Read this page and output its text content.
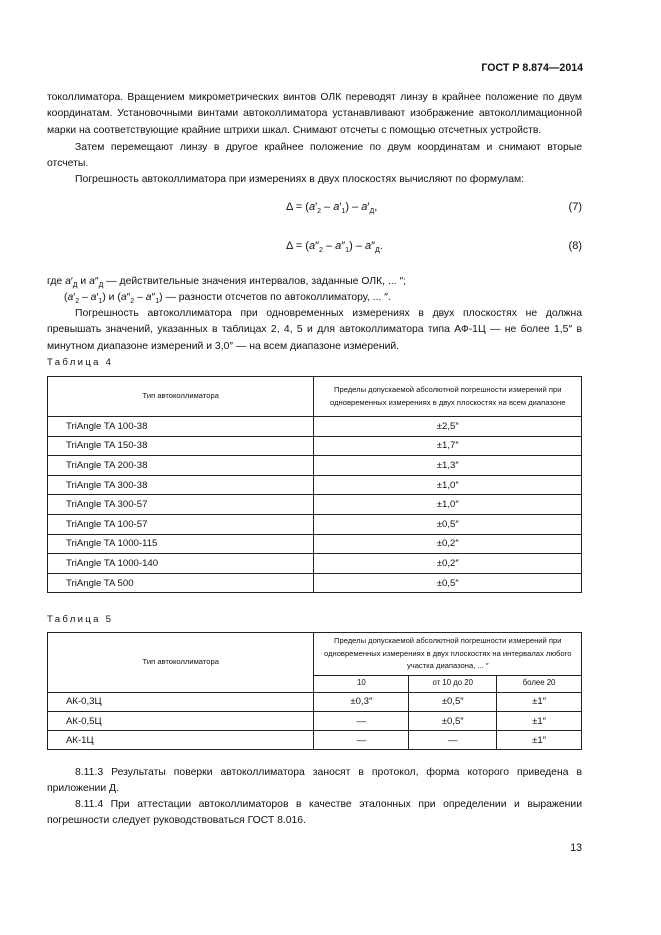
ГОСТ Р 8.874—2014
токоллиматора. Вращением микрометрических винтов ОЛК переводят линзу в крайнее положение по двум координатам. Установочными винтами автоколлиматора устанавливают изображение автоколлимационной марки на соответствующие крайние штрихи шкал. Снимают отсчеты с помощью отсчетных устройств.
Затем перемещают линзу в другое крайнее положение по двум координатам и снимают вторые отсчеты.
Погрешность автоколлиматора при измерениях в двух плоскостях вычисляют по формулам:
$\Delta = (a'_2 - a'_1) - a'_Д$,	(7)
$\Delta = (a''_2 - a''_1) - a''_Д$.	(8)
где $a'_Д$ и $a''_Д$ — действительные значения интервалов, заданные ОЛК, ... ″;
$(a'_2 - a'_1)$ и $(a''_2 - a''_1)$ — разности отсчетов по автоколлиматору, ... ″.
Погрешность автоколлиматора при одновременных измерениях в двух плоскостях не должна превышать значений, указанных в таблицах 2, 4, 5 и для автоколлиматора типа АФ-1Ц — не более 1,5″ в минутном диапазоне измерений и 3,0″ — на всем диапазоне измерений.
Таблица 4
Тип автоколлиматора	Пределы допускаемой абсолютной погрешности измерений при одновременных измерениях в двух плоскостях на всем диапазоне
TriAngle TA 100-38	±2,5″
TriAngle TA 150-38	±1,7″
TriAngle TA 200-38	±1,3″
TriAngle TA 300-38	±1,0″
TriAngle TA 300-57	±1,0″
TriAngle TA 100-57	±0,5″
TriAngle TA 1000-115	±0,2″
TriAngle TA 1000-140	±0,2″
TriAngle TA 500	±0,5″
Таблица 5
Тип автоколлиматора	Пределы допускаемой абсолютной погрешности измерений при одновременных измерениях в двух плоскостях на интервалах любого участка диапазона, ... ″		
	10	от 10 до 20	более 20
АК-0,3Ц	±0,3″	±0,5″	±1″
АК-0,5Ц	—	±0,5″	±1″
АК-1Ц	—	—	±1″
8.11.3 Результаты поверки автоколлиматора заносят в протокол, форма которого приведена в приложении Д.
8.11.4 При аттестации автоколлиматоров в качестве эталонных при определении и выражении погрешности следует руководствоваться ГОСТ 8.016.
13
